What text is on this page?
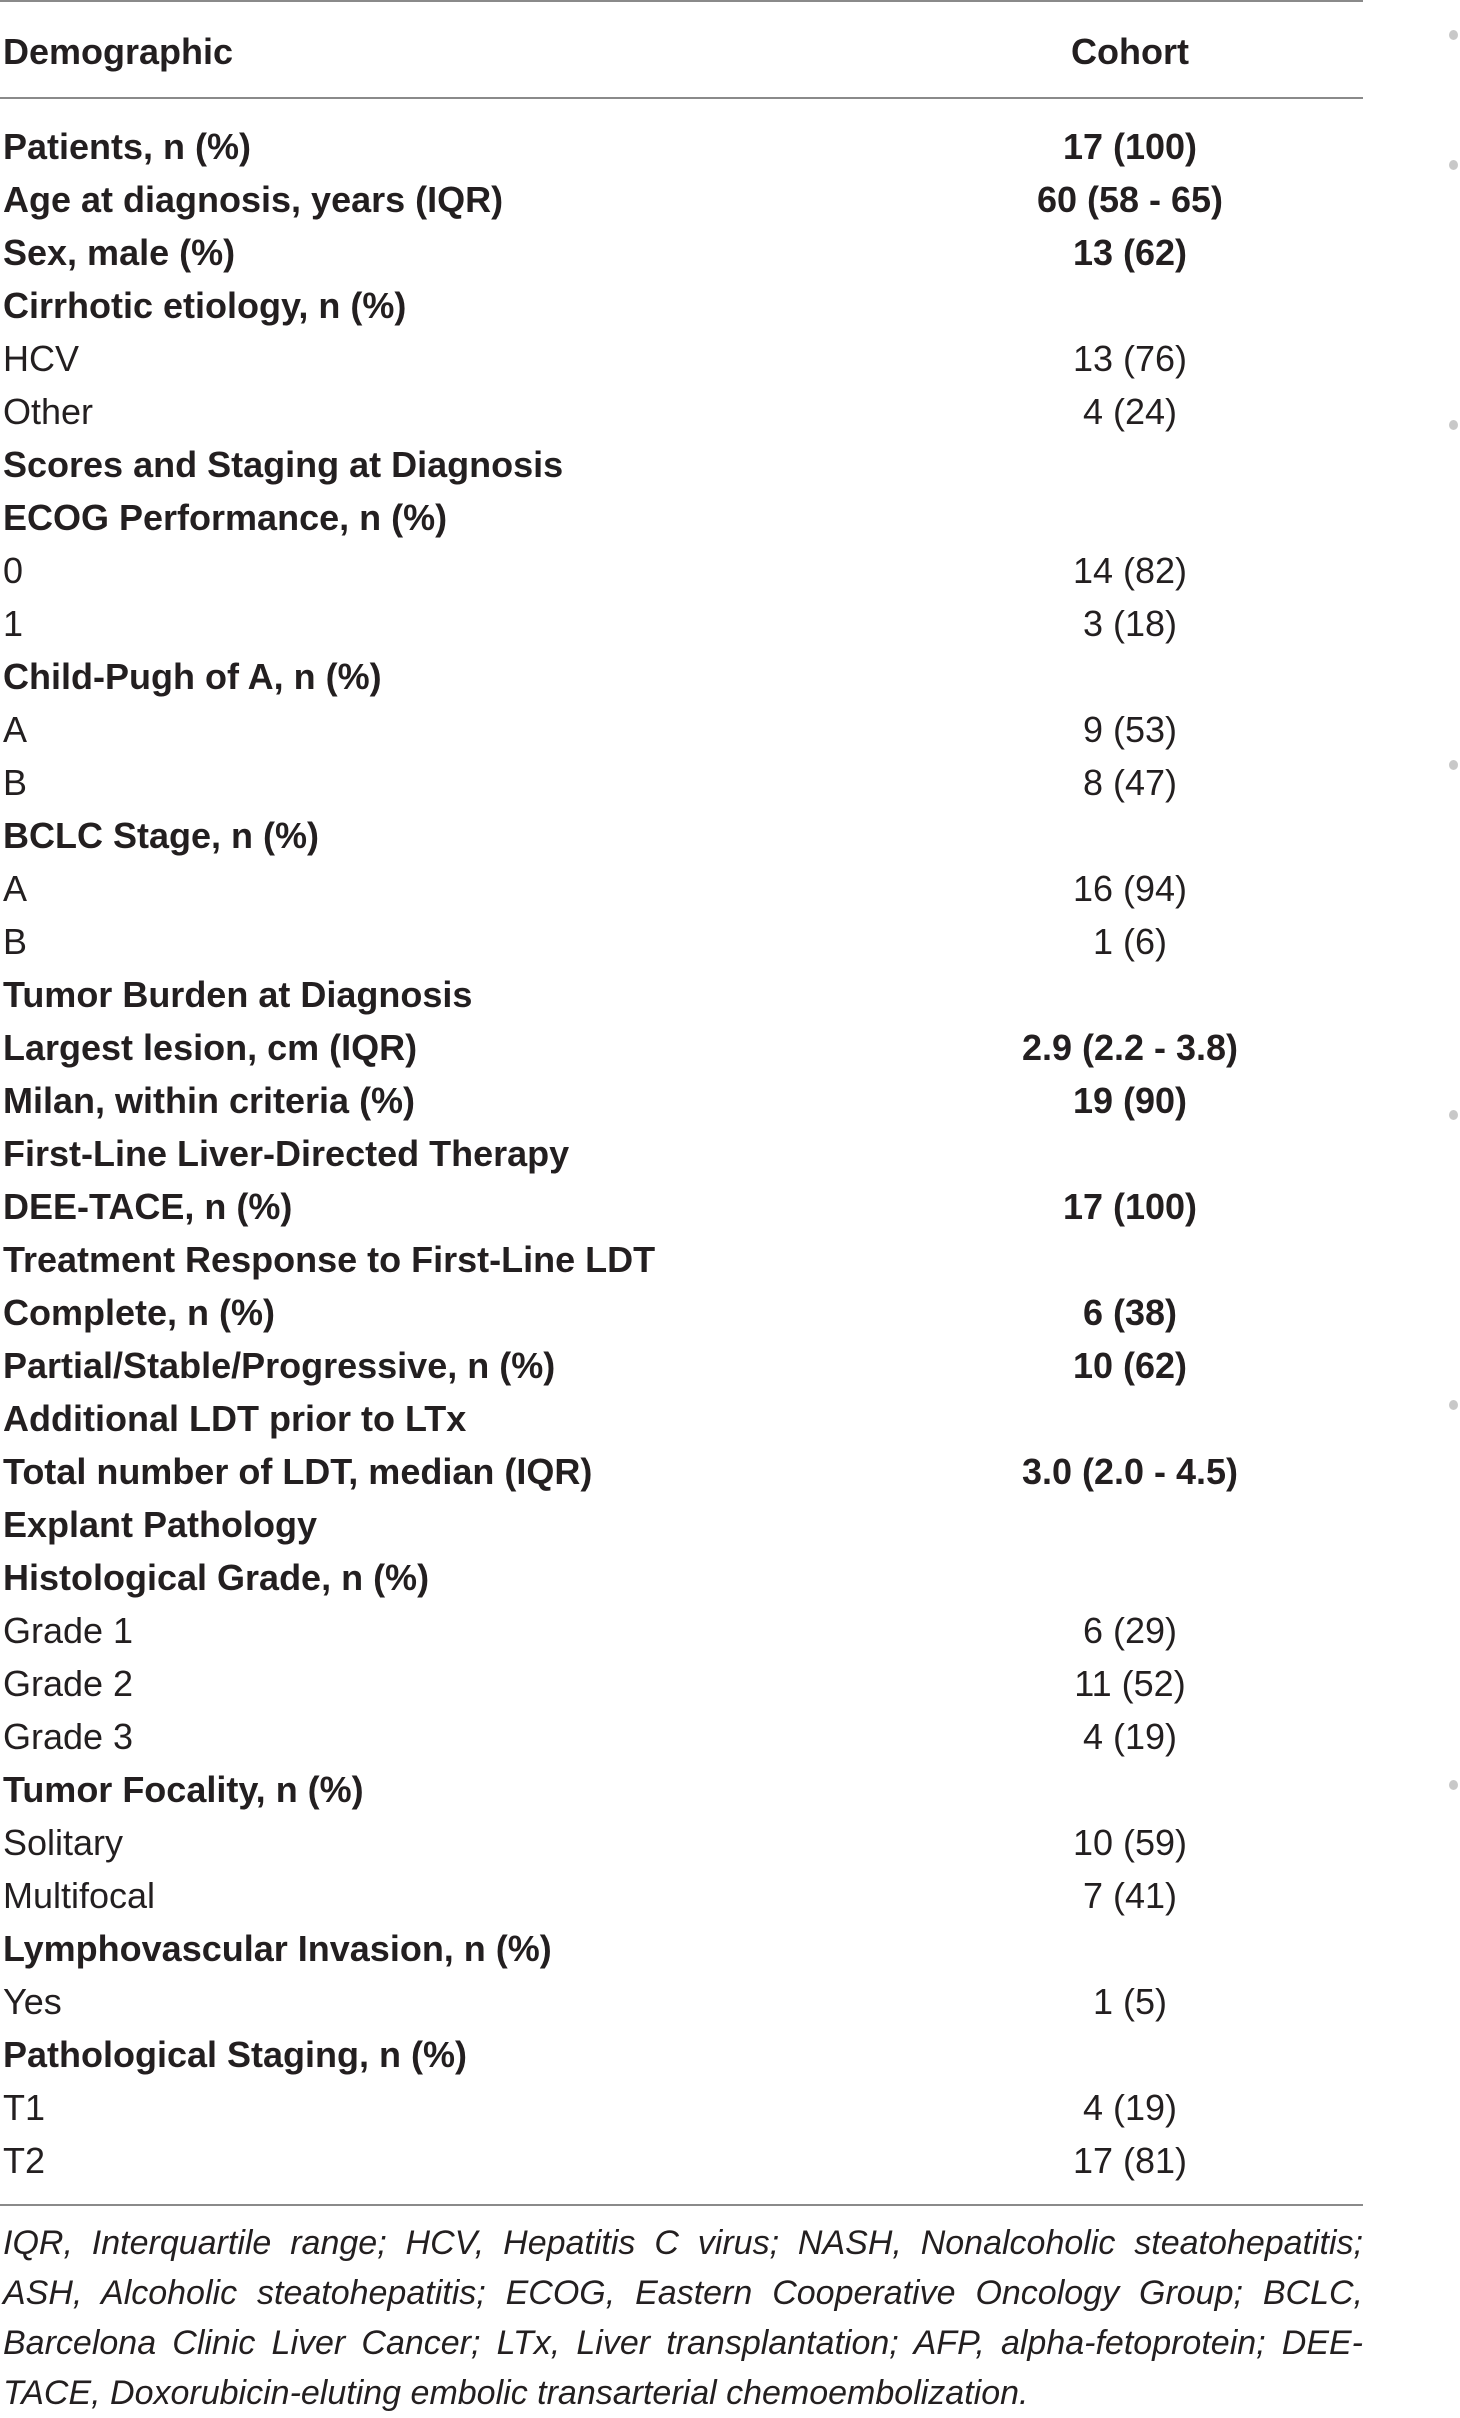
Demographic	Cohort
Patients, n (%)	17 (100)
Age at diagnosis, years (IQR)	60 (58 - 65)
Sex, male (%)	13 (62)
Cirrhotic etiology, n (%)
HCV	13 (76)
Other	4 (24)
Scores and Staging at Diagnosis
ECOG Performance, n (%)
0	14 (82)
1	3 (18)
Child-Pugh of A, n (%)
A	9 (53)
B	8 (47)
BCLC Stage, n (%)
A	16 (94)
B	1 (6)
Tumor Burden at Diagnosis
Largest lesion, cm (IQR)	2.9 (2.2 - 3.8)
Milan, within criteria (%)	19 (90)
First-Line Liver-Directed Therapy
DEE-TACE, n (%)	17 (100)
Treatment Response to First-Line LDT
Complete, n (%)	6 (38)
Partial/Stable/Progressive, n (%)	10 (62)
Additional LDT prior to LTx
Total number of LDT, median (IQR)	3.0 (2.0 - 4.5)
Explant Pathology
Histological Grade, n (%)
Grade 1	6 (29)
Grade 2	11 (52)
Grade 3	4 (19)
Tumor Focality, n (%)
Solitary	10 (59)
Multifocal	7 (41)
Lymphovascular Invasion, n (%)
Yes	1 (5)
Pathological Staging, n (%)
T1	4 (19)
T2	17 (81)
IQR, Interquartile range; HCV, Hepatitis C virus; NASH, Nonalcoholic steatohepatitis; ASH, Alcoholic steatohepatitis; ECOG, Eastern Cooperative Oncology Group; BCLC, Barcelona Clinic Liver Cancer; LTx, Liver transplantation; AFP, alpha-fetoprotein; DEE-TACE, Doxorubicin-eluting embolic transarterial chemoembolization.
